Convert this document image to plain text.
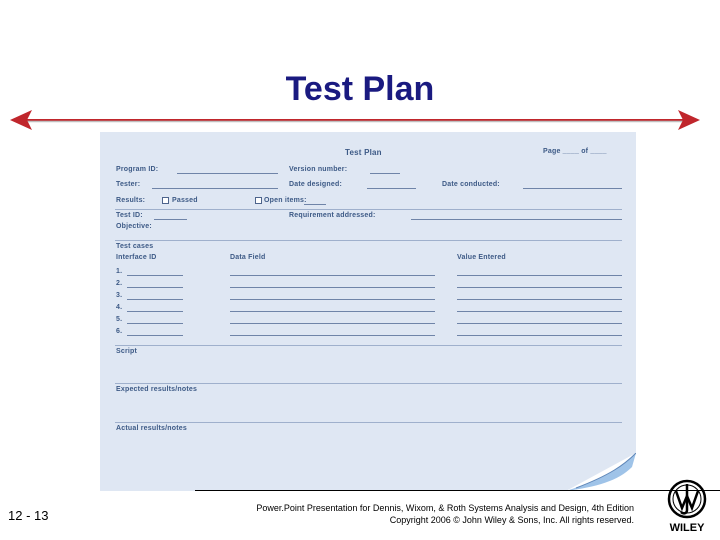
Test Plan
Test Plan	Page ____ of ____
Program ID:	Version number:
Tester:	Date designed:	Date conducted:
Results:	Passed	Open items:
Test ID:	Requirement addressed:
Objective:
Test cases
Interface ID	Data Field	Value Entered
1.
2.
3.
4.
5.
6.
Script
Expected results/notes
Actual results/notes
12 - 13	Power.Point Presentation for Dennis, Wixom, & Roth Systems Analysis and Design, 4th Edition
Copyright 2006 © John Wiley & Sons, Inc. All rights reserved.
WILEY
